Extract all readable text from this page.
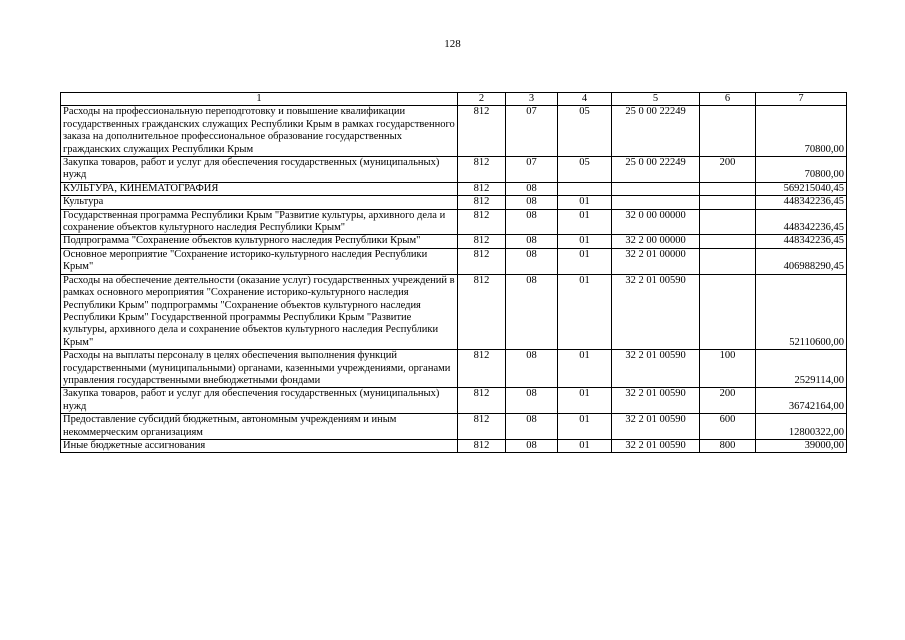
128
1	2	3	4	5	6	7
Расходы на профессиональную переподготовку и повышение квалификации государственных гражданских служащих Республики Крым в рамках государственного заказа на дополнительное профессиональное образование государственных гражданских служащих Республики Крым	812	07	05	25 0 00 22249		70800,00
Закупка товаров, работ и услуг для обеспечения государственных (муниципальных) нужд	812	07	05	25 0 00 22249	200	70800,00
КУЛЬТУРА, КИНЕМАТОГРАФИЯ	812	08				569215040,45
Культура	812	08	01			448342236,45
Государственная программа Республики Крым "Развитие культуры, архивного дела и сохранение объектов культурного наследия Республики Крым"	812	08	01	32 0 00 00000		448342236,45
Подпрограмма "Сохранение объектов культурного наследия Республики Крым"	812	08	01	32 2 00 00000		448342236,45
Основное мероприятие "Сохранение историко-культурного наследия Республики Крым"	812	08	01	32 2 01 00000		406988290,45
Расходы на обеспечение деятельности (оказание услуг) государственных учреждений в рамках основного мероприятия "Сохранение историко-культурного наследия Республики Крым" подпрограммы "Сохранение объектов культурного наследия Республики Крым" Государственной программы Республики Крым "Развитие культуры, архивного дела и сохранение объектов культурного наследия Республики Крым"	812	08	01	32 2 01 00590		52110600,00
Расходы на выплаты персоналу в целях обеспечения выполнения функций государственными (муниципальными) органами, казенными учреждениями, органами управления государственными внебюджетными фондами	812	08	01	32 2 01 00590	100	2529114,00
Закупка товаров, работ и услуг для обеспечения государственных (муниципальных) нужд	812	08	01	32 2 01 00590	200	36742164,00
Предоставление субсидий бюджетным, автономным учреждениям и иным некоммерческим организациям	812	08	01	32 2 01 00590	600	12800322,00
Иные бюджетные ассигнования	812	08	01	32 2 01 00590	800	39000,00
